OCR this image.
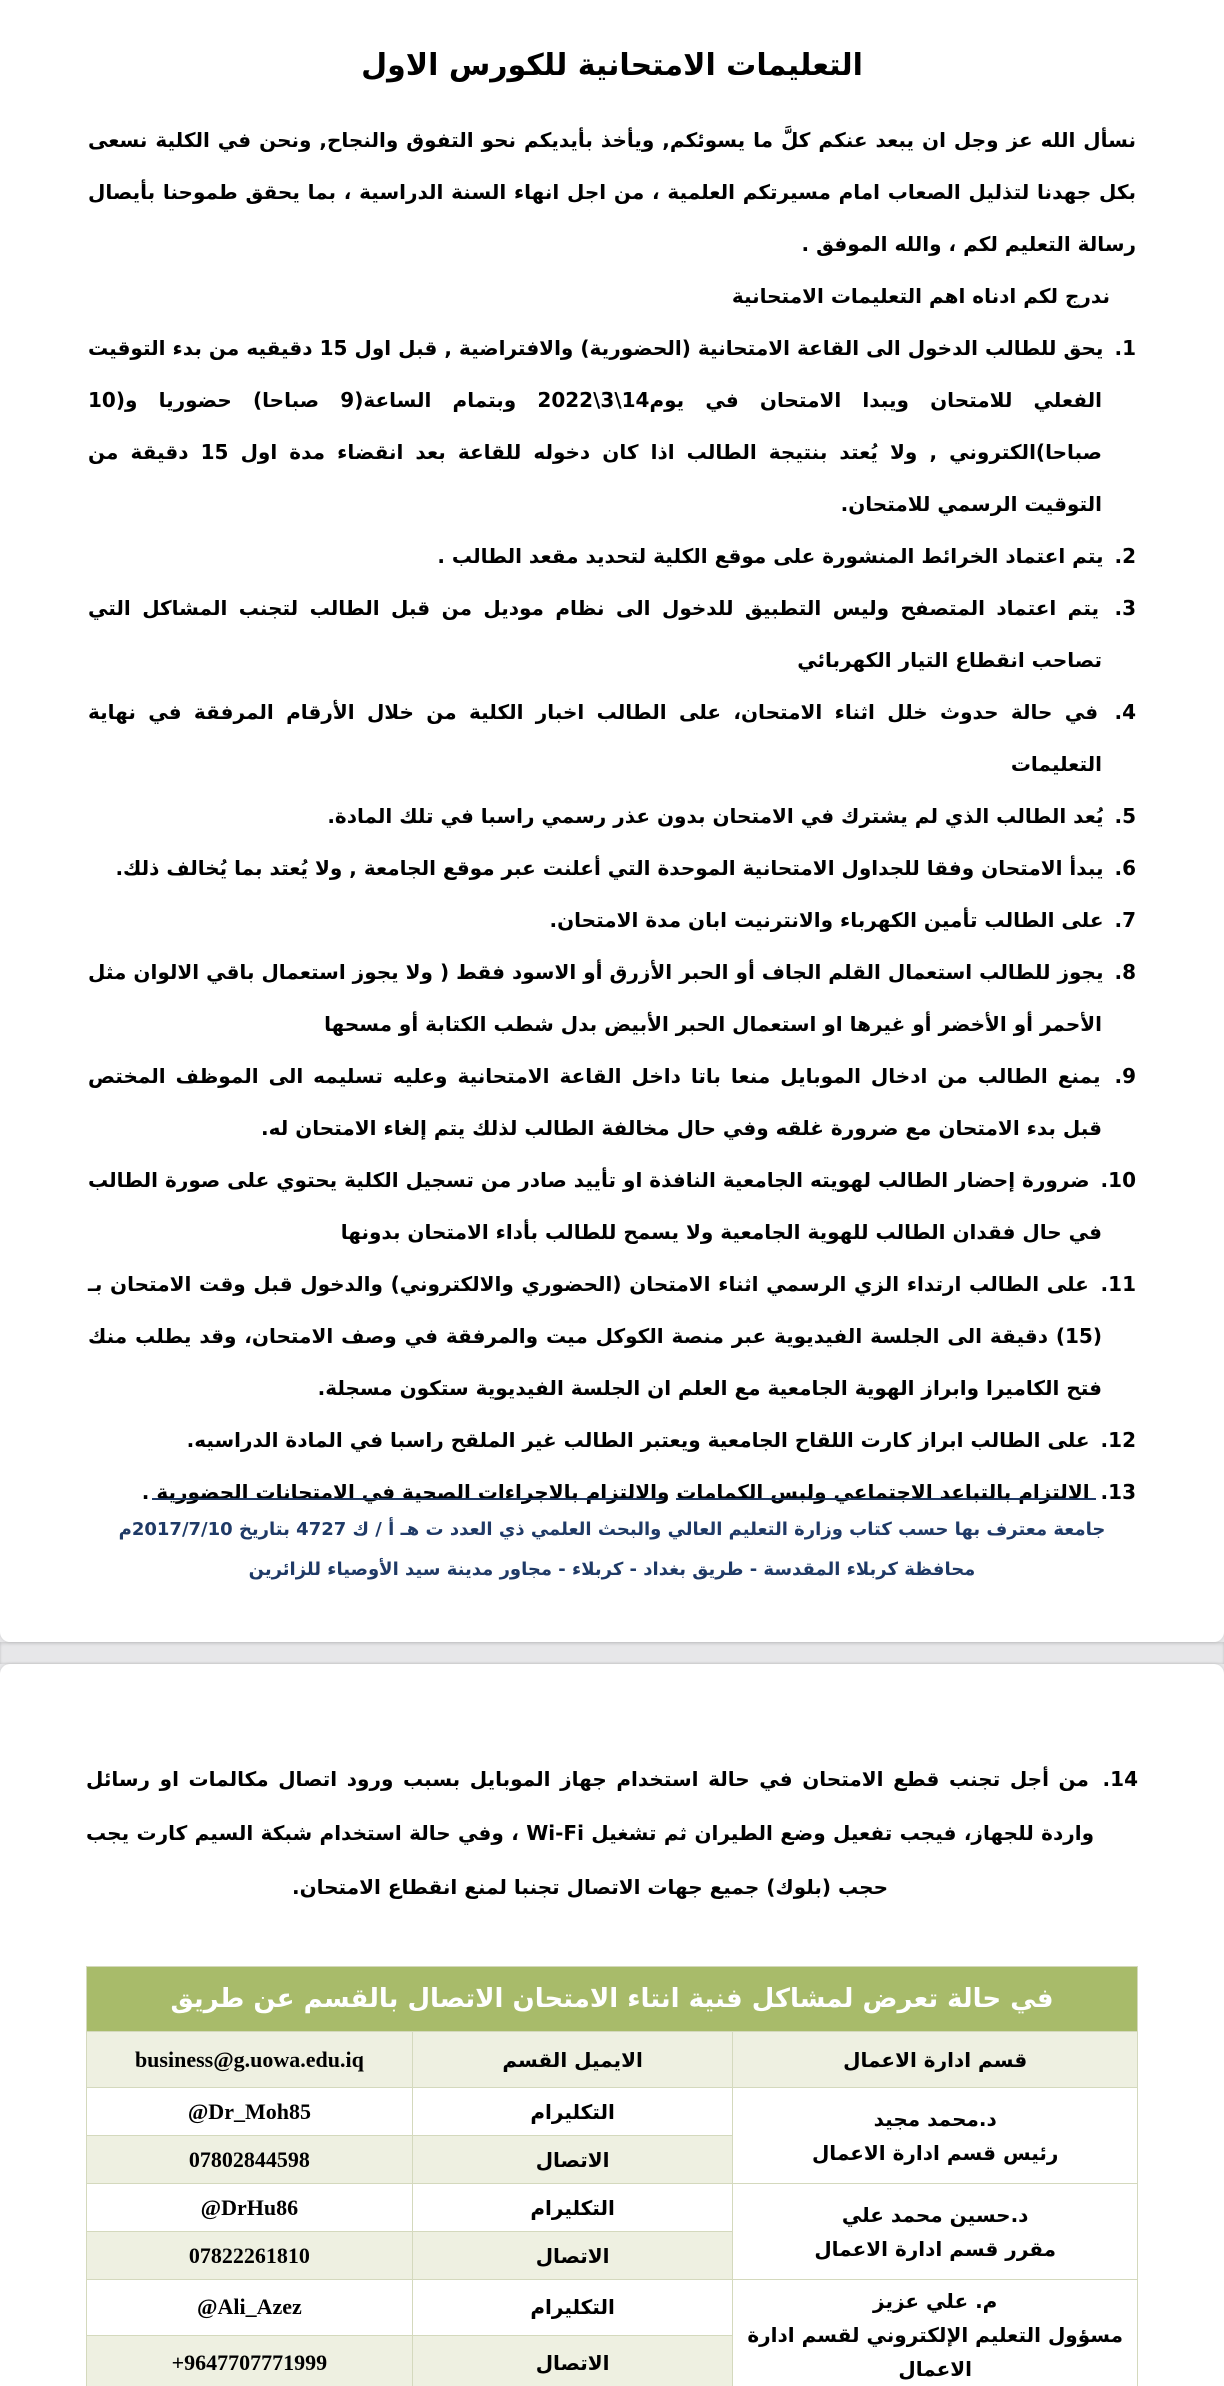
التعليمات الامتحانية للكورس الاول

نسأل الله عز وجل ان يبعد عنكم كلَّ ما يسوئكم, ويأخذ بأيديكم نحو التفوق والنجاح, ونحن في الكلية نسعى بكل جهدنا لتذليل الصعاب امام مسيرتكم العلمية ، من اجل انهاء السنة الدراسية ، بما يحقق طموحنا بأيصال رسالة التعليم لكم ، والله الموفق .

ندرج لكم ادناه اهم التعليمات الامتحانية

1. يحق للطالب الدخول الى القاعة الامتحانية (الحضورية) والافتراضية , قبل اول 15 دقيقيه من بدء التوقيت الفعلي للامتحان ويبدا الامتحان في يوم14\3\2022 وبتمام الساعة(9 صباحا) حضوريا و(10 صباحا)الكتروني , ولا يُعتد بنتيجة الطالب اذا كان دخوله للقاعة بعد انقضاء مدة اول 15 دقيقة من التوقيت الرسمي للامتحان.

2. يتم اعتماد الخرائط المنشورة على موقع الكلية لتحديد مقعد الطالب .

3. يتم اعتماد المتصفح وليس التطبيق للدخول الى نظام موديل من قبل الطالب لتجنب المشاكل التي تصاحب انقطاع التيار الكهربائي

4. في حالة حدوث خلل اثناء الامتحان، على الطالب اخبار الكلية من خلال الأرقام المرفقة في نهاية التعليمات

5. يُعد الطالب الذي لم يشترك في الامتحان بدون عذر رسمي راسبا في تلك المادة.

6. يبدأ الامتحان وفقا للجداول الامتحانية الموحدة التي أعلنت عبر موقع الجامعة , ولا يُعتد بما يُخالف ذلك.

7. على الطالب تأمين الكهرباء والانترنيت ابان مدة الامتحان.

8. يجوز للطالب استعمال القلم الجاف أو الحبر الأزرق أو الاسود فقط ( ولا يجوز استعمال باقي الالوان مثل الأحمر أو الأخضر أو غيرها او استعمال الحبر الأبيض بدل شطب الكتابة أو مسحها

9. يمنع الطالب من ادخال الموبايل منعا باتا داخل القاعة الامتحانية وعليه تسليمه الى الموظف المختص قبل بدء الامتحان مع ضرورة غلقه وفي حال مخالفة الطالب لذلك يتم إلغاء الامتحان له.

10. ضرورة إحضار الطالب لهويته الجامعية النافذة او تأييد صادر من تسجيل الكلية يحتوي على صورة الطالب في حال فقدان الطالب للهوية الجامعية ولا يسمح للطالب بأداء الامتحان بدونها

11. على الطالب ارتداء الزي الرسمي اثناء الامتحان (الحضوري والالكتروني) والدخول قبل وقت الامتحان بـ (15) دقيقة الى الجلسة الفيديوية عبر منصة الكوكل ميت والمرفقة في وصف الامتحان، وقد يطلب منك فتح الكاميرا وابراز الهوية الجامعية مع العلم ان الجلسة الفيديوية ستكون مسجلة.

12. على الطالب ابراز كارت اللقاح الجامعية ويعتبر الطالب غير الملقح راسبا في المادة الدراسيه.

13. الالتزام بالتباعد الاجتماعي ولبس الكمامات والالتزام بالاجراءات الصحية في الامتحانات الحضورية .

جامعة معترف بها حسب كتاب وزارة التعليم العالي والبحث العلمي ذي العدد ت هـ أ / ك 4727 بتاريخ 2017/7/10م

محافظة كربلاء المقدسة - طريق بغداد - كربلاء - مجاور مدينة سيد الأوصياء للزائرين

14. من أجل تجنب قطع الامتحان في حالة استخدام جهاز الموبايل بسبب ورود اتصال مكالمات او رسائل واردة للجهاز، فيجب تفعيل وضع الطيران ثم تشغيل Wi-Fi ، وفي حالة استخدام شبكة السيم كارت يجب حجب (بلوك) جميع جهات الاتصال تجنبا لمنع انقطاع الامتحان.

في حالة تعرض لمشاكل فنية انتاء الامتحان الاتصال بالقسم عن طريق		
قسم ادارة الاعمال	الايميل القسم	business@g.uowa.edu.iq

د.محمد مجيد
رئيس قسم ادارة الاعمال	التكليرام	@Dr_Moh85
	الاتصال	07802844598

د.حسين محمد علي
مقرر قسم ادارة الاعمال	التكليرام	@DrHu86
	الاتصال	07822261810

م. علي عزيز
مسؤول التعليم الإلكتروني لقسم ادارة الاعمال	التكليرام	@Ali_Azez
	الاتصال	+9647707771999
